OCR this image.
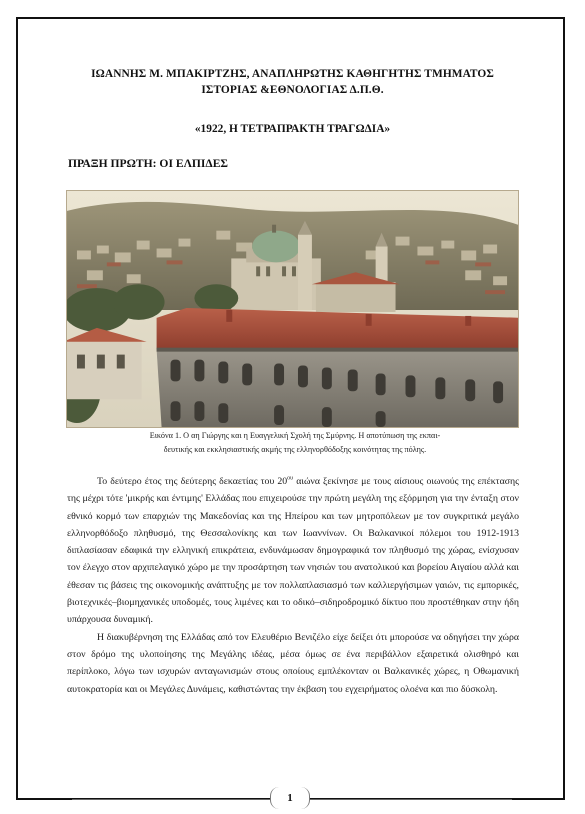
ΙΩΑΝΝΗΣ Μ. ΜΠΑΚΙΡΤΖΗΣ, ΑΝΑΠΛΗΡΩΤΗΣ ΚΑΘΗΓΗΤΗΣ ΤΜΗΜΑΤΟΣ
ΙΣΤΟΡΙΑΣ &ΕΘΝΟΛΟΓΙΑΣ Δ.Π.Θ.
«1922, Η ΤΕΤΡΑΠΡΑΚΤΗ ΤΡΑΓΩΔΙΑ»
ΠΡΑΞΗ ΠΡΩΤΗ: ΟΙ ΕΛΠΙΔΕΣ
Εικόνα 1. Ο αη Γιώργης και η Ευαγγελική Σχολή της Σμύρνης. Η αποτύπωση της εκπαι-
δευτικής και εκκλησιαστικής ακμής της ελληνορθόδοξης κοινότητας της πόλης.

Το δεύτερο έτος της δεύτερης δεκαετίας του $20^{o\upsilon}$ αιώνα ξεκίνησε με τους αίσιους οιωνούς της επέκτασης της μέχρι τότε 'μικρής και έντιμης' Ελλάδας που επιχειρούσε την πρώτη μεγάλη της εξόρμηση για την ένταξη στον εθνικό κορμό των επαρχιών της Μακεδονίας και της Ηπείρου και των μητροπόλεων με τον συγκριτικά μεγάλο ελληνορθόδοξο πληθυσμό, της Θεσσαλονίκης και των Ιωαννίνων. Οι Βαλκανικοί πόλεμοι του 1912-1913 διπλασίασαν εδαφικά την ελληνική επικράτεια, ενδυνάμωσαν δημογραφικά τον πληθυσμό της χώρας, ενίσχυσαν τον έλεγχο στον αρχιπελαγικό χώρο με την προσάρτηση των νησιών του ανατολικού και βορείου Αιγαίου αλλά και έθεσαν τις βάσεις της οικονομικής ανάπτυξης με τον πολλαπλασιασμό των καλλιεργήσιμων γαιών, τις εμπορικές, βιοτεχνικές–βιομηχανικές υποδομές, τους λιμένες και το οδικό–σιδηροδρομικό δίκτυο που προστέθηκαν στην ήδη υπάρχουσα δυναμική.

Η διακυβέρνηση της Ελλάδας από τον Ελευθέριο Βενιζέλο είχε δείξει ότι μπορούσε να οδηγήσει την χώρα στον δρόμο της υλοποίησης της Μεγάλης ιδέας, μέσα όμως σε ένα περιβάλλον εξαιρετικά ολισθηρό και περίπλοκο, λόγω των ισχυρών ανταγωνισμών στους οποίους εμπλέκονταν οι Βαλκανικές χώρες, η Οθωμανική αυτοκρατορία και οι Μεγάλες Δυνάμεις, καθιστώντας την έκβαση του εγχειρήματος ολοένα και πιο δύσκολη.

1
